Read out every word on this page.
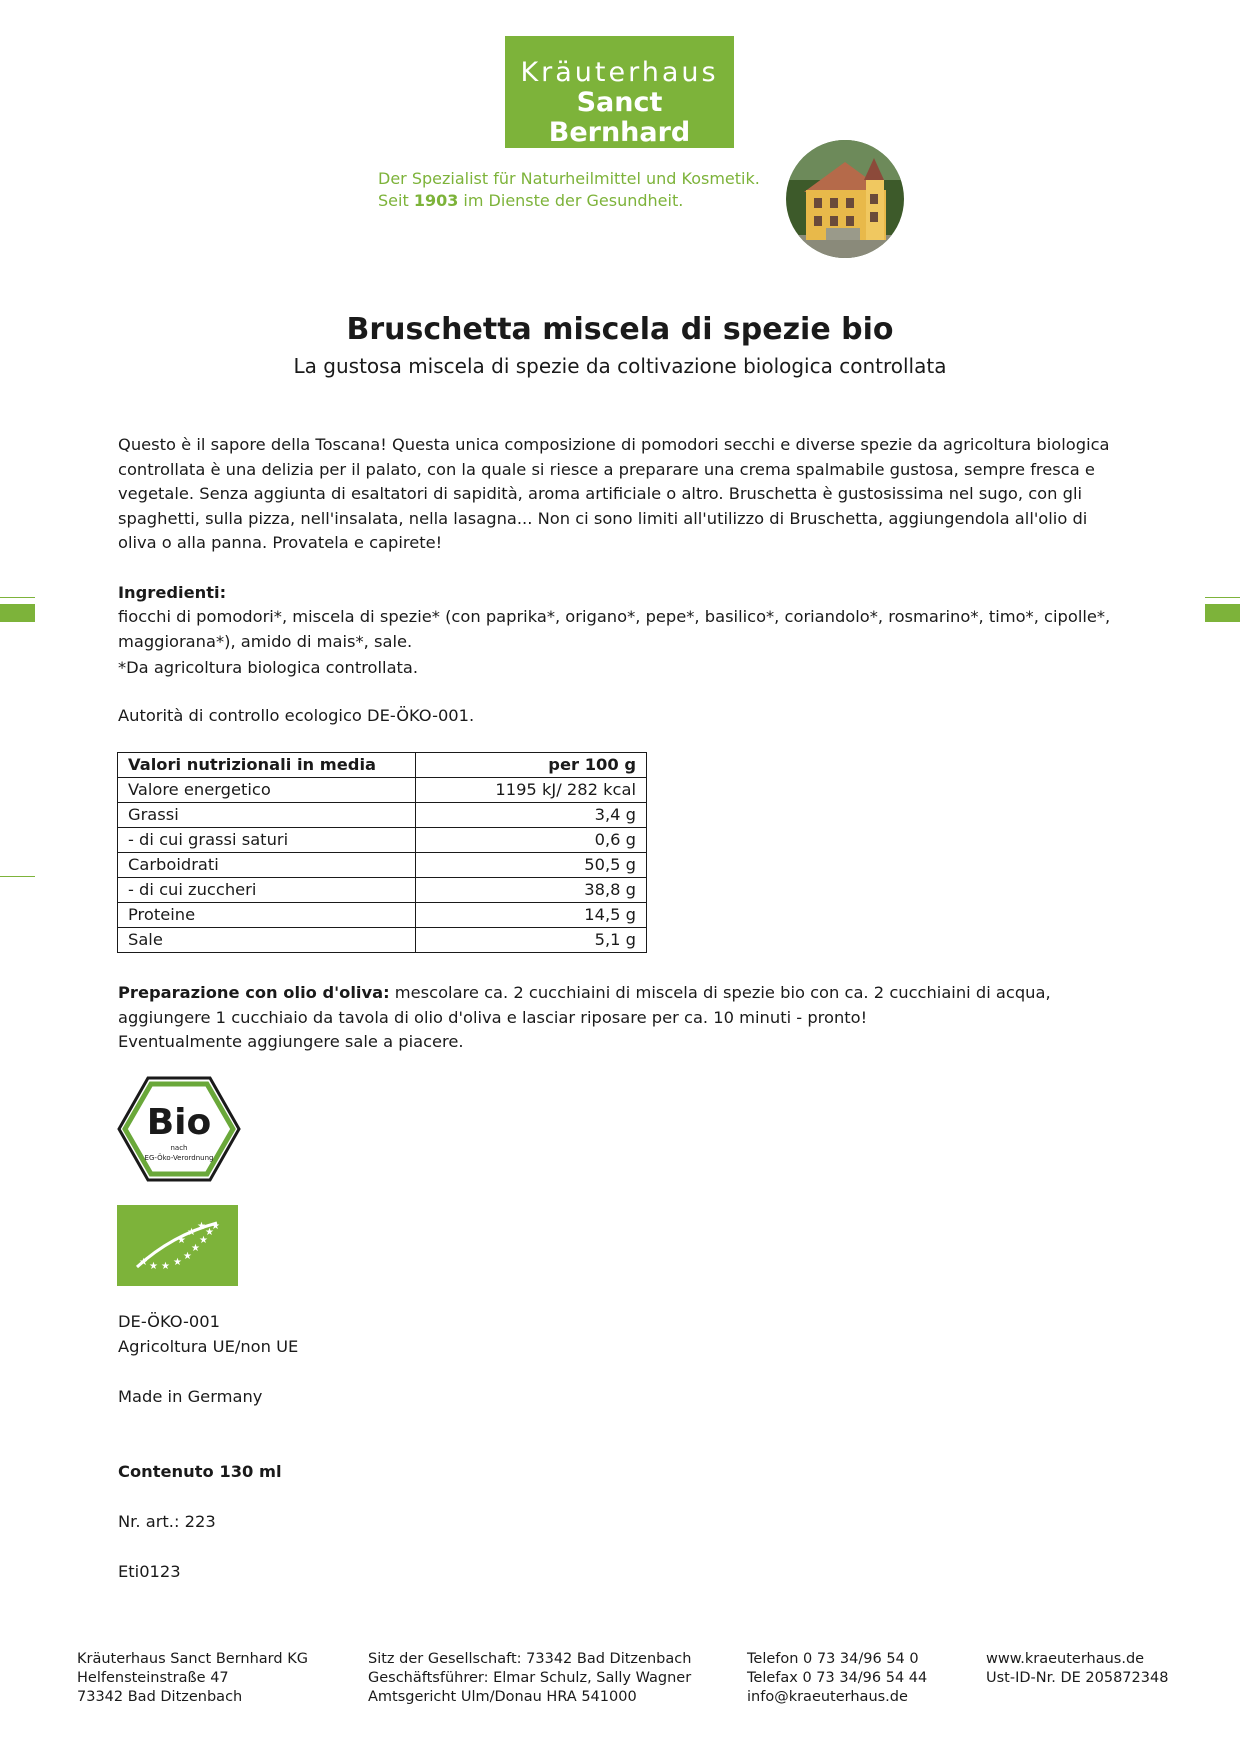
Kräuterhaus
Sanct Bernhard
Der Spezialist für Naturheilmittel und Kosmetik.
Seit 1903 im Dienste der Gesundheit.
Bruschetta miscela di spezie bio
La gustosa miscela di spezie da coltivazione biologica controllata
Questo è il sapore della Toscana! Questa unica composizione di pomodori secchi e diverse spezie da agricoltura biologica controllata è una delizia per il palato, con la quale si riesce a preparare una crema spalmabile gustosa, sempre fresca e vegetale. Senza aggiunta di esaltatori di sapidità, aroma artificiale o altro. Bruschetta è gustosissima nel sugo, con gli spaghetti, sulla pizza, nell'insalata, nella lasagna... Non ci sono limiti all'utilizzo di Bruschetta, aggiungendola all'olio di oliva o alla panna. Provatela e capirete!
Ingredienti:
fiocchi di pomodori*, miscela di spezie* (con paprika*, origano*, pepe*, basilico*, coriandolo*, rosmarino*, timo*, cipolle*, maggiorana*), amido di mais*, sale.
*Da agricoltura biologica controllata.
Autorità di controllo ecologico DE-ÖKO-001.
Valori nutrizionali in media	per 100 g
Valore energetico	1195 kJ/ 282 kcal
Grassi	3,4 g
- di cui grassi saturi	0,6 g
Carboidrati	50,5 g
- di cui zuccheri	38,8 g
Proteine	14,5 g
Sale	5,1 g
Preparazione con olio d'oliva: mescolare ca. 2 cucchiaini di miscela di spezie bio con ca. 2 cucchiaini di acqua, aggiungere 1 cucchiaio da tavola di olio d'oliva e lasciar riposare per ca. 10 minuti - pronto!
Eventualmente aggiungere sale a piacere.
Bio
nach
EG-Öko-Verordnung
★ ★ ★ ★
★
★
★
★
★
★
★
★
DE-ÖKO-001
Agricoltura UE/non UE
Made in Germany
Contenuto 130 ml
Nr. art.: 223
Eti0123
Kräuterhaus Sanct Bernhard KG
Helfensteinstraße 47
73342 Bad Ditzenbach
Sitz der Gesellschaft: 73342 Bad Ditzenbach
Geschäftsführer: Elmar Schulz, Sally Wagner
Amtsgericht Ulm/Donau HRA 541000
Telefon 0 73 34/96 54 0
Telefax 0 73 34/96 54 44
info@kraeuterhaus.de
www.kraeuterhaus.de
Ust-ID-Nr. DE 205872348
